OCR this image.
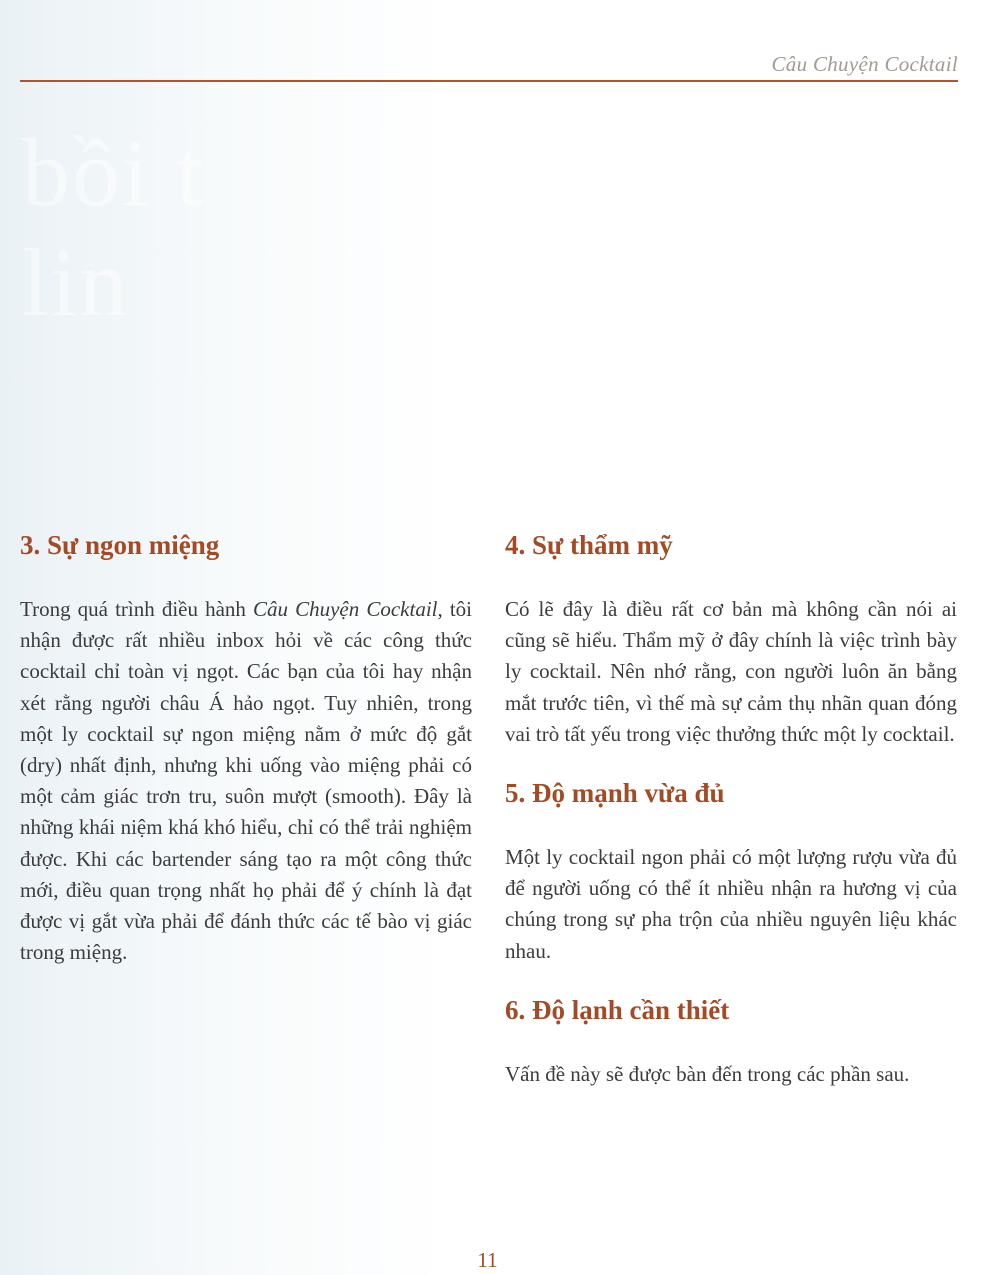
bồi t
lin
Câu Chuyện Cocktail
3. Sự ngon miệng

Trong quá trình điều hành Câu Chuyện Cocktail, tôi nhận được rất nhiều inbox hỏi về các công thức cocktail chỉ toàn vị ngọt. Các bạn của tôi hay nhận xét rằng người châu Á hảo ngọt. Tuy nhiên, trong một ly cocktail sự ngon miệng nằm ở mức độ gắt (dry) nhất định, nhưng khi uống vào miệng phải có một cảm giác trơn tru, suôn mượt (smooth). Đây là những khái niệm khá khó hiểu, chỉ có thể trải nghiệm được. Khi các bartender sáng tạo ra một công thức mới, điều quan trọng nhất họ phải để ý chính là đạt được vị gắt vừa phải để đánh thức các tế bào vị giác trong miệng.

4. Sự thẩm mỹ

Có lẽ đây là điều rất cơ bản mà không cần nói ai cũng sẽ hiểu. Thẩm mỹ ở đây chính là việc trình bày ly cocktail. Nên nhớ rằng, con người luôn ăn bằng mắt trước tiên, vì thế mà sự cảm thụ nhãn quan đóng vai trò tất yếu trong việc thưởng thức một ly cocktail.

5. Độ mạnh vừa đủ

Một ly cocktail ngon phải có một lượng rượu vừa đủ để người uống có thể ít nhiều nhận ra hương vị của chúng trong sự pha trộn của nhiều nguyên liệu khác nhau.

6. Độ lạnh cần thiết

Vấn đề này sẽ được bàn đến trong các phần sau.

11
